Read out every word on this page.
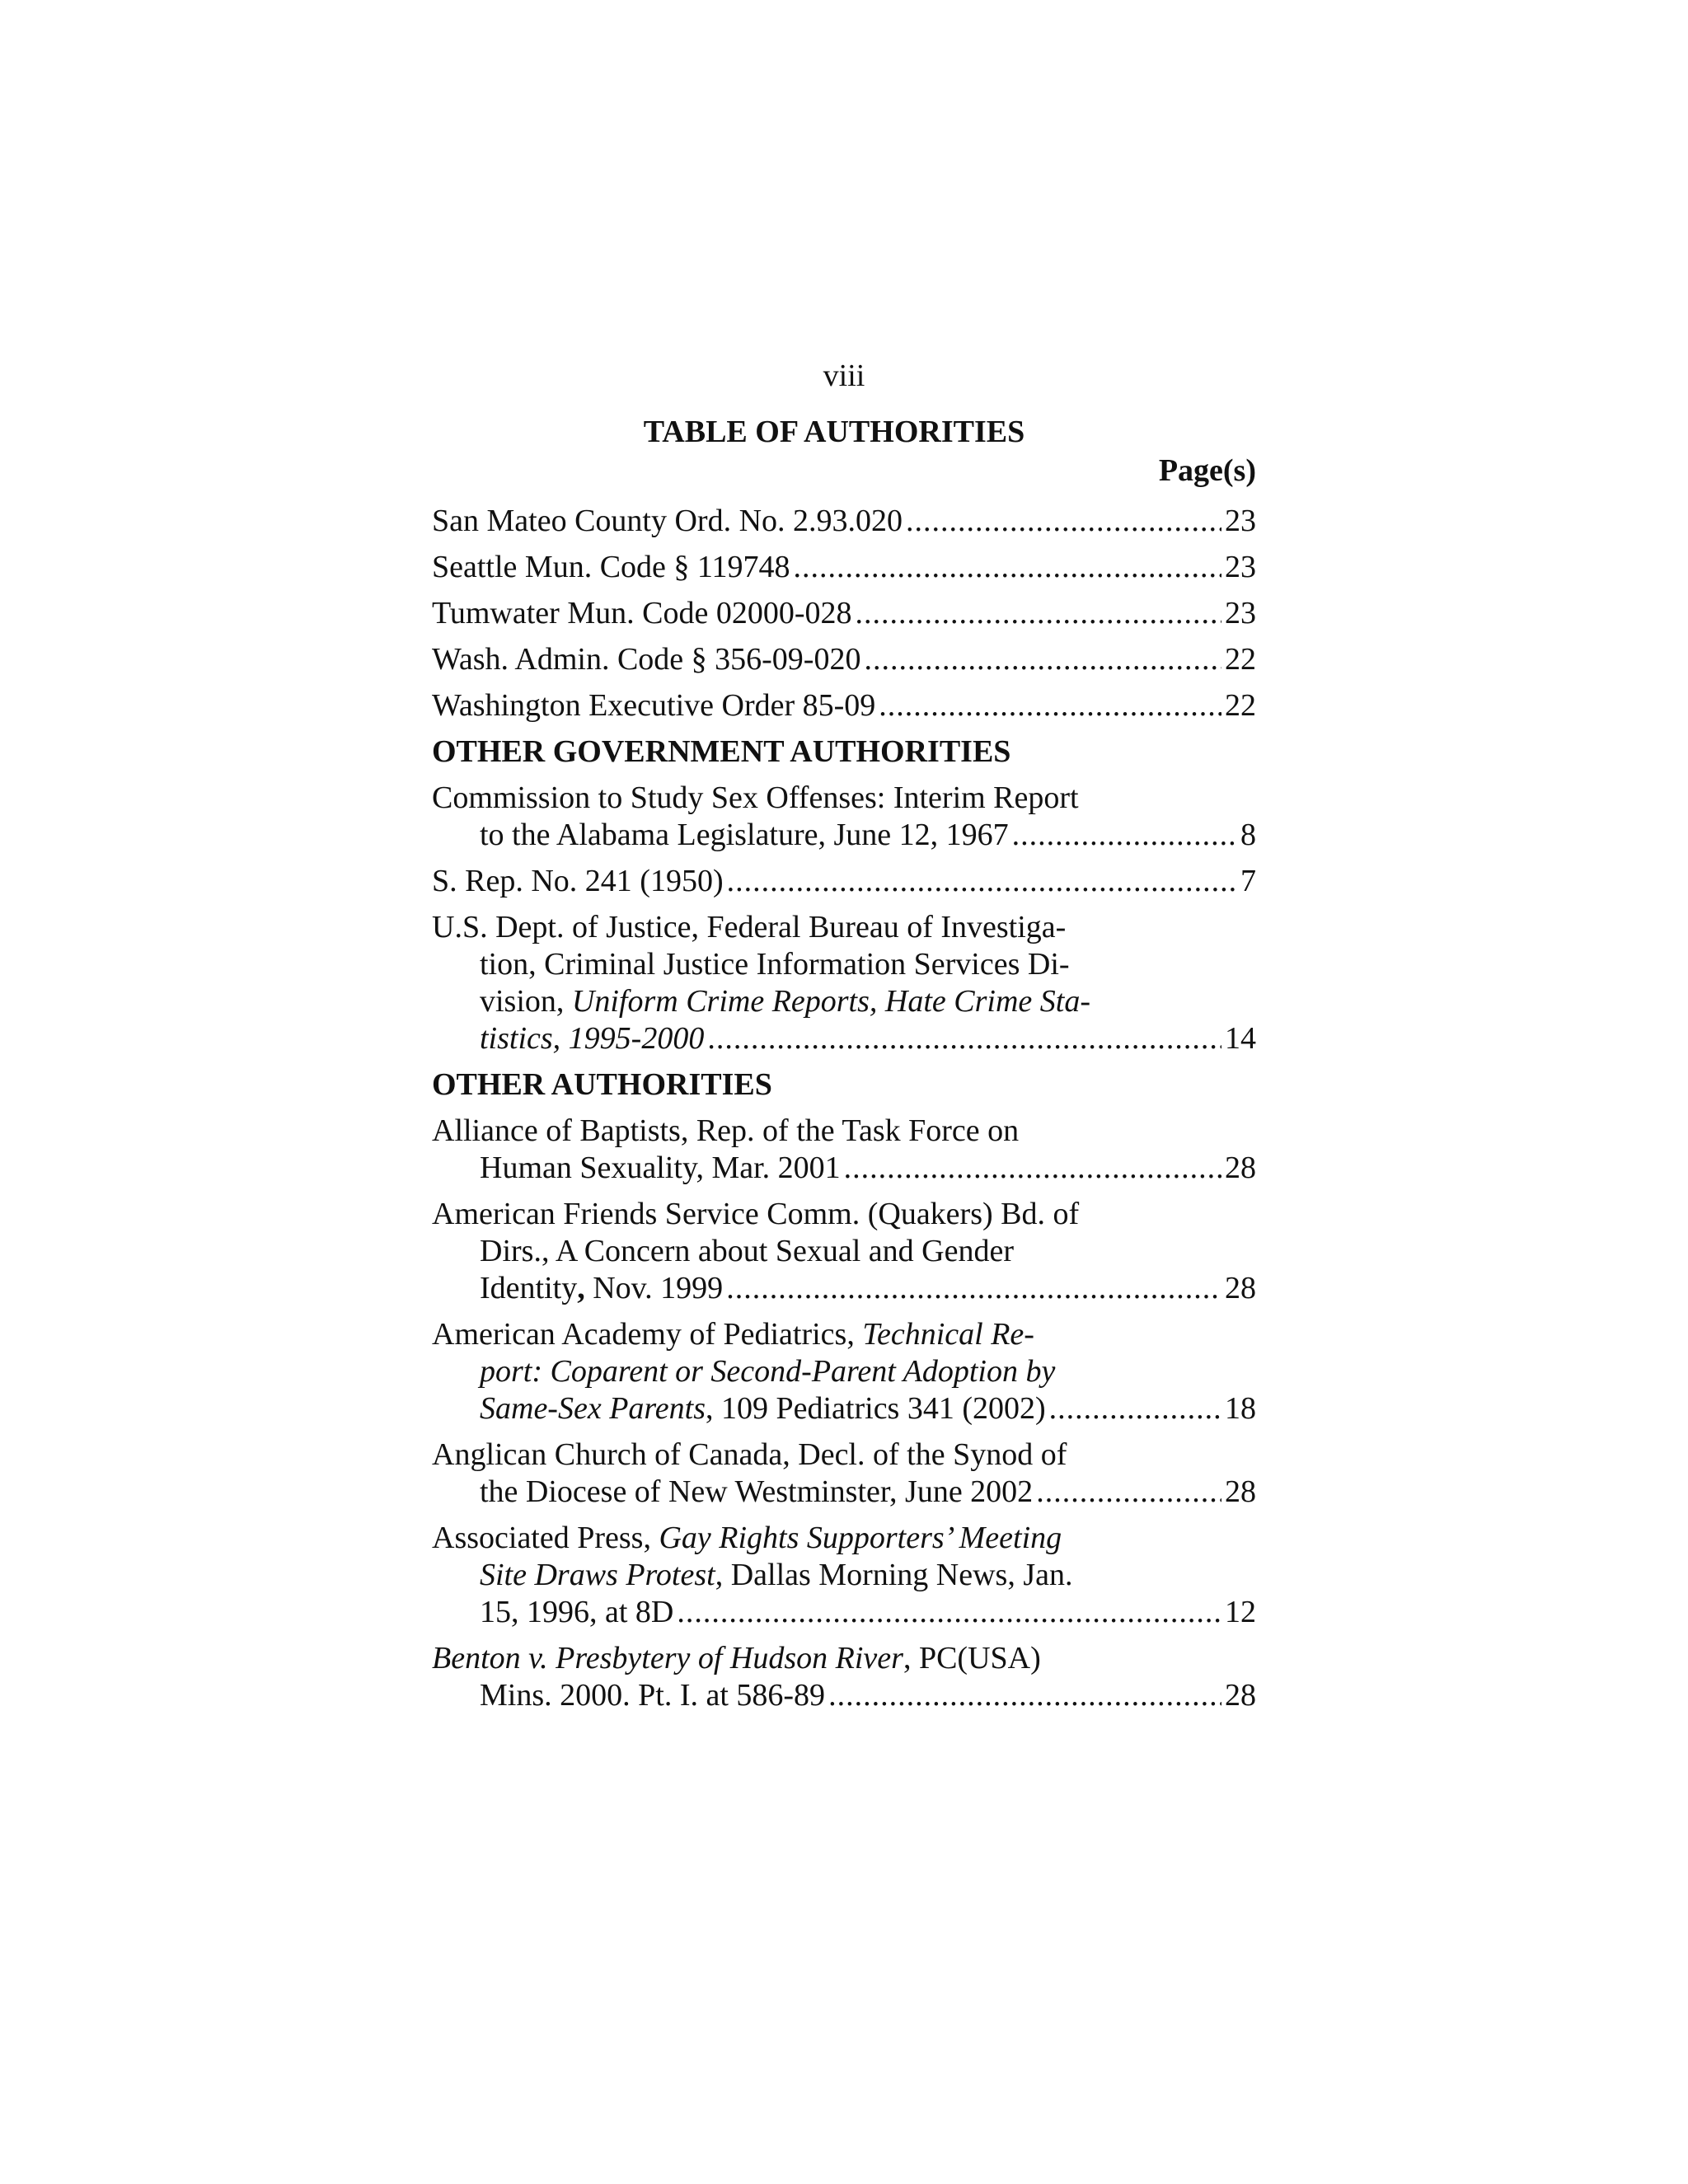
viii
TABLE OF AUTHORITIES
Page(s)
San Mateo County Ord. No. 2.93.020 .....	23
Seattle Mun. Code § 119748 .....	23
Tumwater Mun. Code 02000-028 .....	23
Wash. Admin. Code § 356-09-020 .....	22
Washington Executive Order 85-09 .....	22
OTHER GOVERNMENT AUTHORITIES
Commission to Study Sex Offenses: Interim Report
to the Alabama Legislature, June 12, 1967 .....	8
S. Rep. No. 241 (1950) .....	7
U.S. Dept. of Justice, Federal Bureau of Investiga-
tion, Criminal Justice Information Services Di-
vision, Uniform Crime Reports, Hate Crime Sta-
tistics, 1995-2000 .....	14
OTHER AUTHORITIES
Alliance of Baptists, Rep. of the Task Force on
Human Sexuality, Mar. 2001 .....	28
American Friends Service Comm. (Quakers) Bd. of
Dirs., A Concern about Sexual and Gender
Identity, Nov. 1999 .....	28
American Academy of Pediatrics, Technical Re-
port: Coparent or Second-Parent Adoption by
Same-Sex Parents, 109 Pediatrics 341 (2002) .....	18
Anglican Church of Canada, Decl. of the Synod of
the Diocese of New Westminster, June 2002 .....	28
Associated Press, Gay Rights Supporters’ Meeting
Site Draws Protest, Dallas Morning News, Jan.
15, 1996, at 8D .....	12
Benton v. Presbytery of Hudson River, PC(USA)
Mins. 2000. Pt. I. at 586-89 .....	28
